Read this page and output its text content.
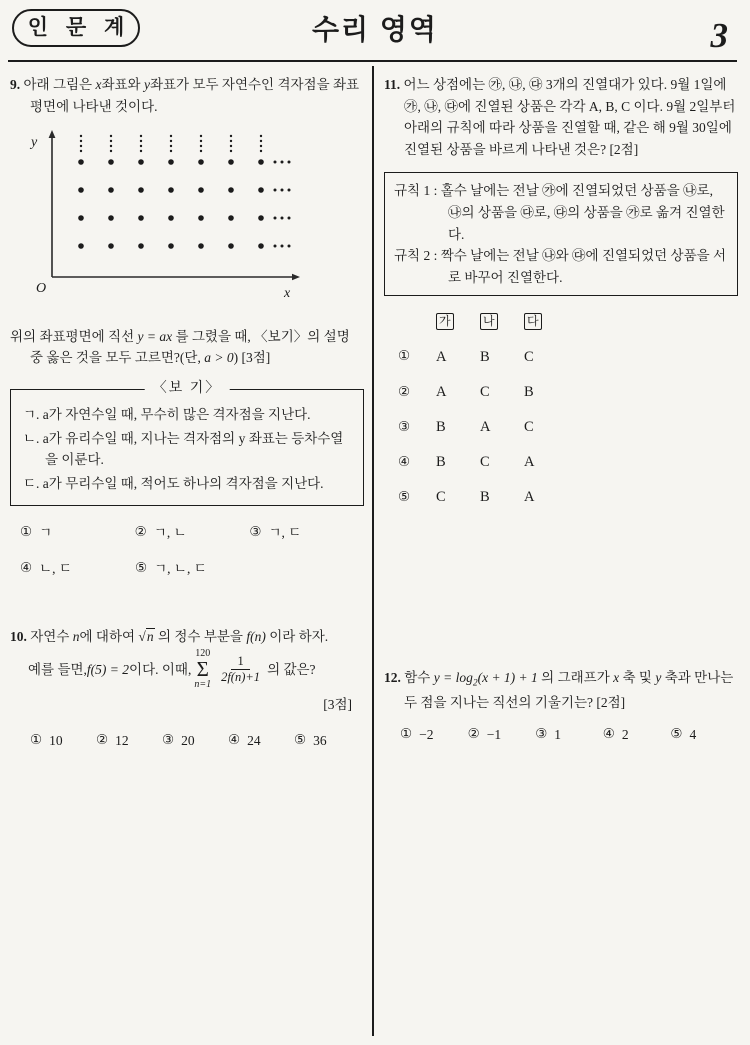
인 문 계	수리 영역	3
9. 아래 그림은 x좌표와 y좌표가 모두 자연수인 격자점을 좌표평면에 나타낸 것이다.
y
O	x
위의 좌표평면에 직선 y = ax 를 그렸을 때, 〈보기〉의 설명 중 옳은 것을 모두 고르면?(단, a > 0) [3점]
〈보 기〉
ㄱ. a가 자연수일 때, 무수히 많은 격자점을 지난다.
ㄴ. a가 유리수일 때, 지나는 격자점의 y 좌표는 등차수열을 이룬다.
ㄷ. a가 무리수일 때, 적어도 하나의 격자점을 지난다.
① ㄱ	② ㄱ, ㄴ	③ ㄱ, ㄷ
④ ㄴ, ㄷ	⑤ ㄱ, ㄴ, ㄷ
10. 자연수 n에 대하여 √n 의 정수 부분을 f(n) 이라 하자.
예를 들면, f(5) = 2 이다. 이때,
120
Σ
$n=1 \frac{1}{2f(n)+1}$ 의 값은?
[3점]
① 10 ② 12 ③ 20 ④ 24 ⑤ 36
11. 어느 상점에는 ㉮, ㉯, ㉰ 3개의 진열대가 있다. 9월 1일에 ㉮, ㉯, ㉰에 진열된 상품은 각각 A, B, C 이다. 9월 2일부터 아래의 규칙에 따라 상품을 진열할 때, 같은 해 9월 30일에 진열된 상품을 바르게 나타낸 것은? [2점]
규칙 1 : 홀수 날에는 전날 ㉮에 진열되었던 상품을 ㉯로, ㉯의 상품을 ㉰로, ㉰의 상품을 ㉮로 옮겨 진열한다.
규칙 2 : 짝수 날에는 전날 ㉯와 ㉰에 진열되었던 상품을 서로 바꾸어 진열한다.
가	나	다
①	A	B	C
②	A	C	B
③	B	A	C
④	B	C	A
⑤	C	B	A
12. 함수 $y = \log_2(x + 1) + 1$ 의 그래프가 x 축 및 y 축과 만나는 두 점을 지나는 직선의 기울기는? [2점]
① −2	② −1	③ 1	④ 2	⑤ 4
